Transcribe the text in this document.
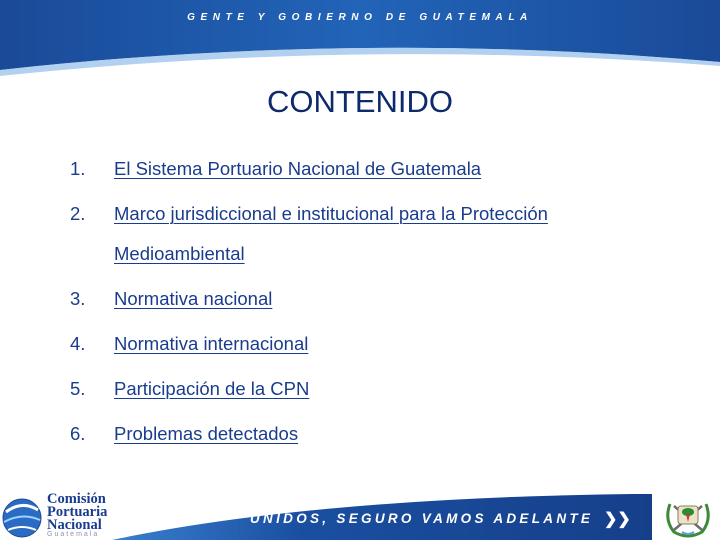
GENTE Y GOBIERNO DE GUATEMALA
CONTENIDO
1.	El Sistema Portuario Nacional de Guatemala
2.	Marco jurisdiccional e institucional para la Protección
Medioambiental
3.	Normativa nacional
4.	Normativa internacional
5.	Participación de la CPN
6.	Problemas detectados
UNIDOS, SEGURO VAMOS ADELANTE ❯❯
Comisión
Portuaria
Nacional
Guatemala
